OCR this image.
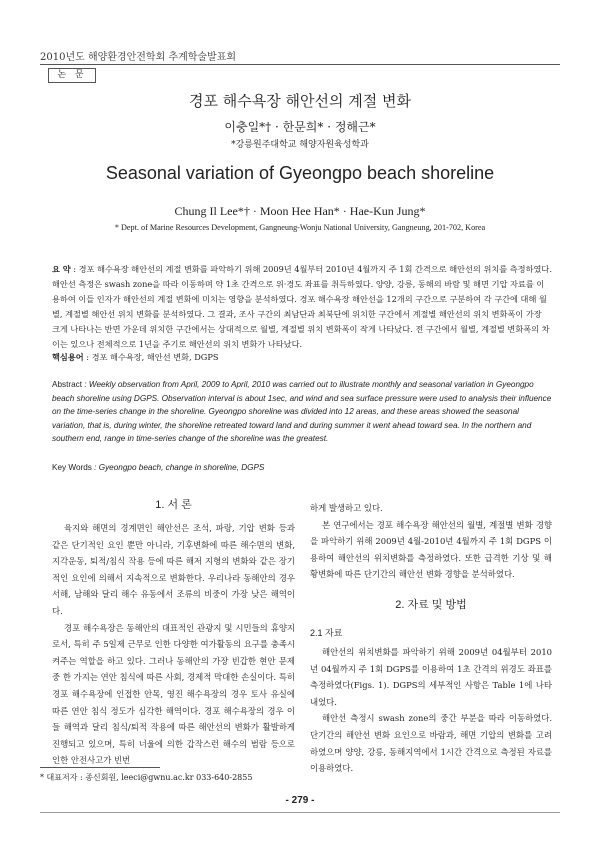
2010년도 해양환경안전학회 추계학술발표회
논 문
경포 해수욕장 해안선의 계절 변화
이충일*† · 한문희* · 정해근*
*강릉원주대학교 해양자원육성학과
Seasonal variation of Gyeongpo beach shoreline
Chung Il Lee*† · Moon Hee Han* · Hae-Kun Jung*
* Dept. of Marine Resources Development, Gangneung-Wonju National University, Gangneung, 201-702, Korea
요 약 : 경포 해수욕장 해안선의 계절 변화를 파악하기 위해 2009년 4월부터 2010년 4월까지 주 1회 간격으로 해안선의 위치를 측정하였다. 해안선 측정은 swash zone을 따라 이동하며 약 1초 간격으로 위·경도 좌표를 취득하였다. 양양, 강릉, 동해의 바람 및 해면 기압 자료를 이용하여 이들 인자가 해안선의 계절 변화에 미치는 영향을 분석하였다. 경포 해수욕장 해안선을 12개의 구간으로 구분하여 각 구간에 대해 월별, 계절별 해안선 위치 변화를 분석하였다. 그 결과, 조사 구간의 최남단과 최북단에 위치한 구간에서 계절별 해안선의 위치 변화폭이 가장 크게 나타나는 반면 가운데 위치한 구간에서는 상대적으로 월별, 계절별 위치 변화폭이 작게 나타났다. 전 구간에서 월별, 계절별 변화폭의 차이는 있으나 전체적으로 1년을 주기로 해안선의 위치 변화가 나타났다.
핵심용어 : 경포 해수욕장, 해안선 변화, DGPS
Abstract : Weekly observation from April, 2009 to April, 2010 was carried out to illustrate monthly and seasonal variation in Gyeongpo beach shoreline using DGPS. Observation interval is about 1sec, and wind and sea surface pressure were used to analysis their influence on the time-series change in the shoreline. Gyeongpo shoreline was divided into 12 areas, and these areas showed the seasonal variation, that is, during winter, the shoreline retreated toward land and during summer it went ahead toward sea. In the northern and southern end, range in time-series change of the shoreline was the greatest.
Key Words : Gyeongpo beach, change in shoreline, DGPS
1. 서 론

육지와 해면의 경계면인 해안선은 조석, 파랑, 기압 변화 등과 같은 단기적인 요인 뿐만 아니라, 기후변화에 따른 해수면의 변화, 지각운동, 퇴적/침식 작용 등에 따른 해저 지형의 변화와 같은 장기적인 요인에 의해서 지속적으로 변화한다. 우리나라 동해안의 경우 서해, 남해와 달리 해수 유동에서 조류의 비중이 가장 낮은 해역이다.

경포 해수욕장은 동해안의 대표적인 관광지 및 시민들의 휴양지로서, 특히 주 5일제 근무로 인한 다양한 여가활동의 요구를 충족시켜주는 역할을 하고 있다. 그러나 동해안의 가장 빈갑한 현안 문제 중 한 가지는 연안 침식에 따른 사회, 경제적 막대한 손실이다. 특히 경포 해수욕장에 인접한 안목, 영진 해수욕장의 경우 토사 유실에 따른 연안 침식 정도가 심각한 해역이다. 경포 해수욕장의 경우 이들 해역과 달리 침식/퇴적 작용에 따른 해안선의 변화가 활발하게 진행되고 있으며, 특히 너울에 의한 갑작스런 해수의 범람 등으로 인한 안전사고가 빈번

하게 발생하고 있다.

본 연구에서는 경포 해수욕장 해안선의 월별, 계절별 변화 경향을 파악하기 위해 2009년 4월-2010년 4월까지 주 1회 DGPS 이용하여 해안선의 위치변화를 측정하였다. 또한 급격한 기상 및 해황변화에 따른 단기간의 해안선 변화 경향을 분석하였다.

2. 자료 및 방법
2.1 자료

해안선의 위치변화를 파악하기 위해 2009년 04월부터 2010년 04월까지 주 1회 DGPS를 이용하여 1초 간격의 위경도 좌표를 측정하였다(Figs. 1). DGPS의 세부적인 사항은 Table 1에 나타내었다.

해안선 측정시 swash zone의 중간 부분을 따라 이동하였다. 단기간의 해안선 변화 요인으로 바람과, 해면 기압의 변화를 고려하였으며 양양, 강릉, 동해지역에서 1시간 간격으로 측정된 자료를 이용하였다.

* 대표저자 : 종신회원, leeci@gwnu.ac.kr 033-640-2855
- 279 -
